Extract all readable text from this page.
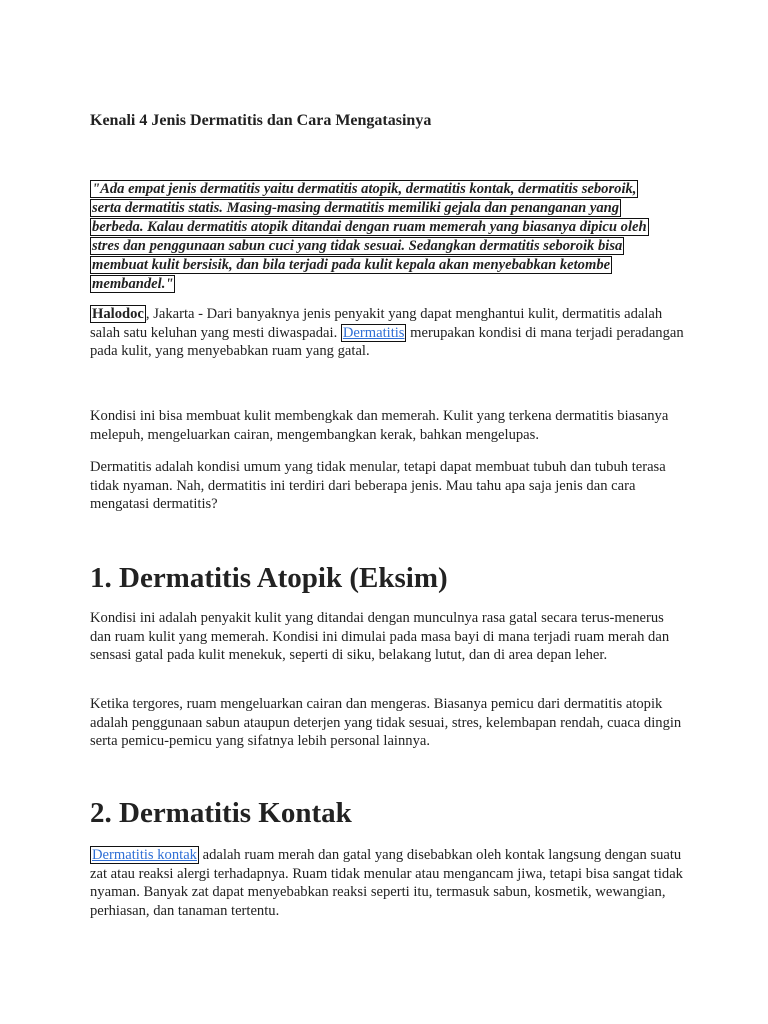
Kenali 4 Jenis Dermatitis dan Cara Mengatasinya
"Ada empat jenis dermatitis yaitu dermatitis atopik, dermatitis kontak, dermatitis seboroik,
serta dermatitis statis. Masing-masing dermatitis memiliki gejala dan penanganan yang
berbeda. Kalau dermatitis atopik ditandai dengan ruam memerah yang biasanya dipicu oleh
stres dan penggunaan sabun cuci yang tidak sesuai. Sedangkan dermatitis seboroik bisa
membuat kulit bersisik, dan bila terjadi pada kulit kepala akan menyebabkan ketombe
membandel."

Halodoc , Jakarta - Dari banyaknya jenis penyakit yang dapat menghantui kulit, dermatitis adalah salah satu keluhan yang mesti diwaspadai. Dermatitis merupakan kondisi di mana terjadi peradangan pada kulit, yang menyebabkan ruam yang gatal.

Kondisi ini bisa membuat kulit membengkak dan memerah. Kulit yang terkena dermatitis biasanya melepuh, mengeluarkan cairan, mengembangkan kerak, bahkan mengelupas.

Dermatitis adalah kondisi umum yang tidak menular, tetapi dapat membuat tubuh dan tubuh terasa tidak nyaman. Nah, dermatitis ini terdiri dari beberapa jenis. Mau tahu apa saja jenis dan cara mengatasi dermatitis?

1. Dermatitis Atopik (Eksim)

Kondisi ini adalah penyakit kulit yang ditandai dengan munculnya rasa gatal secara terus-menerus dan ruam kulit yang memerah. Kondisi ini dimulai pada masa bayi di mana terjadi ruam merah dan sensasi gatal pada kulit menekuk, seperti di siku, belakang lutut, dan di area depan leher.

Ketika tergores, ruam mengeluarkan cairan dan mengeras. Biasanya pemicu dari dermatitis atopik adalah penggunaan sabun ataupun deterjen yang tidak sesuai, stres, kelembapan rendah, cuaca dingin serta pemicu-pemicu yang sifatnya lebih personal lainnya.

2. Dermatitis Kontak

Dermatitis kontak adalah ruam merah dan gatal yang disebabkan oleh kontak langsung dengan suatu zat atau reaksi alergi terhadapnya. Ruam tidak menular atau mengancam jiwa, tetapi bisa sangat tidak nyaman. Banyak zat dapat menyebabkan reaksi seperti itu, termasuk sabun, kosmetik, wewangian, perhiasan, dan tanaman tertentu.
